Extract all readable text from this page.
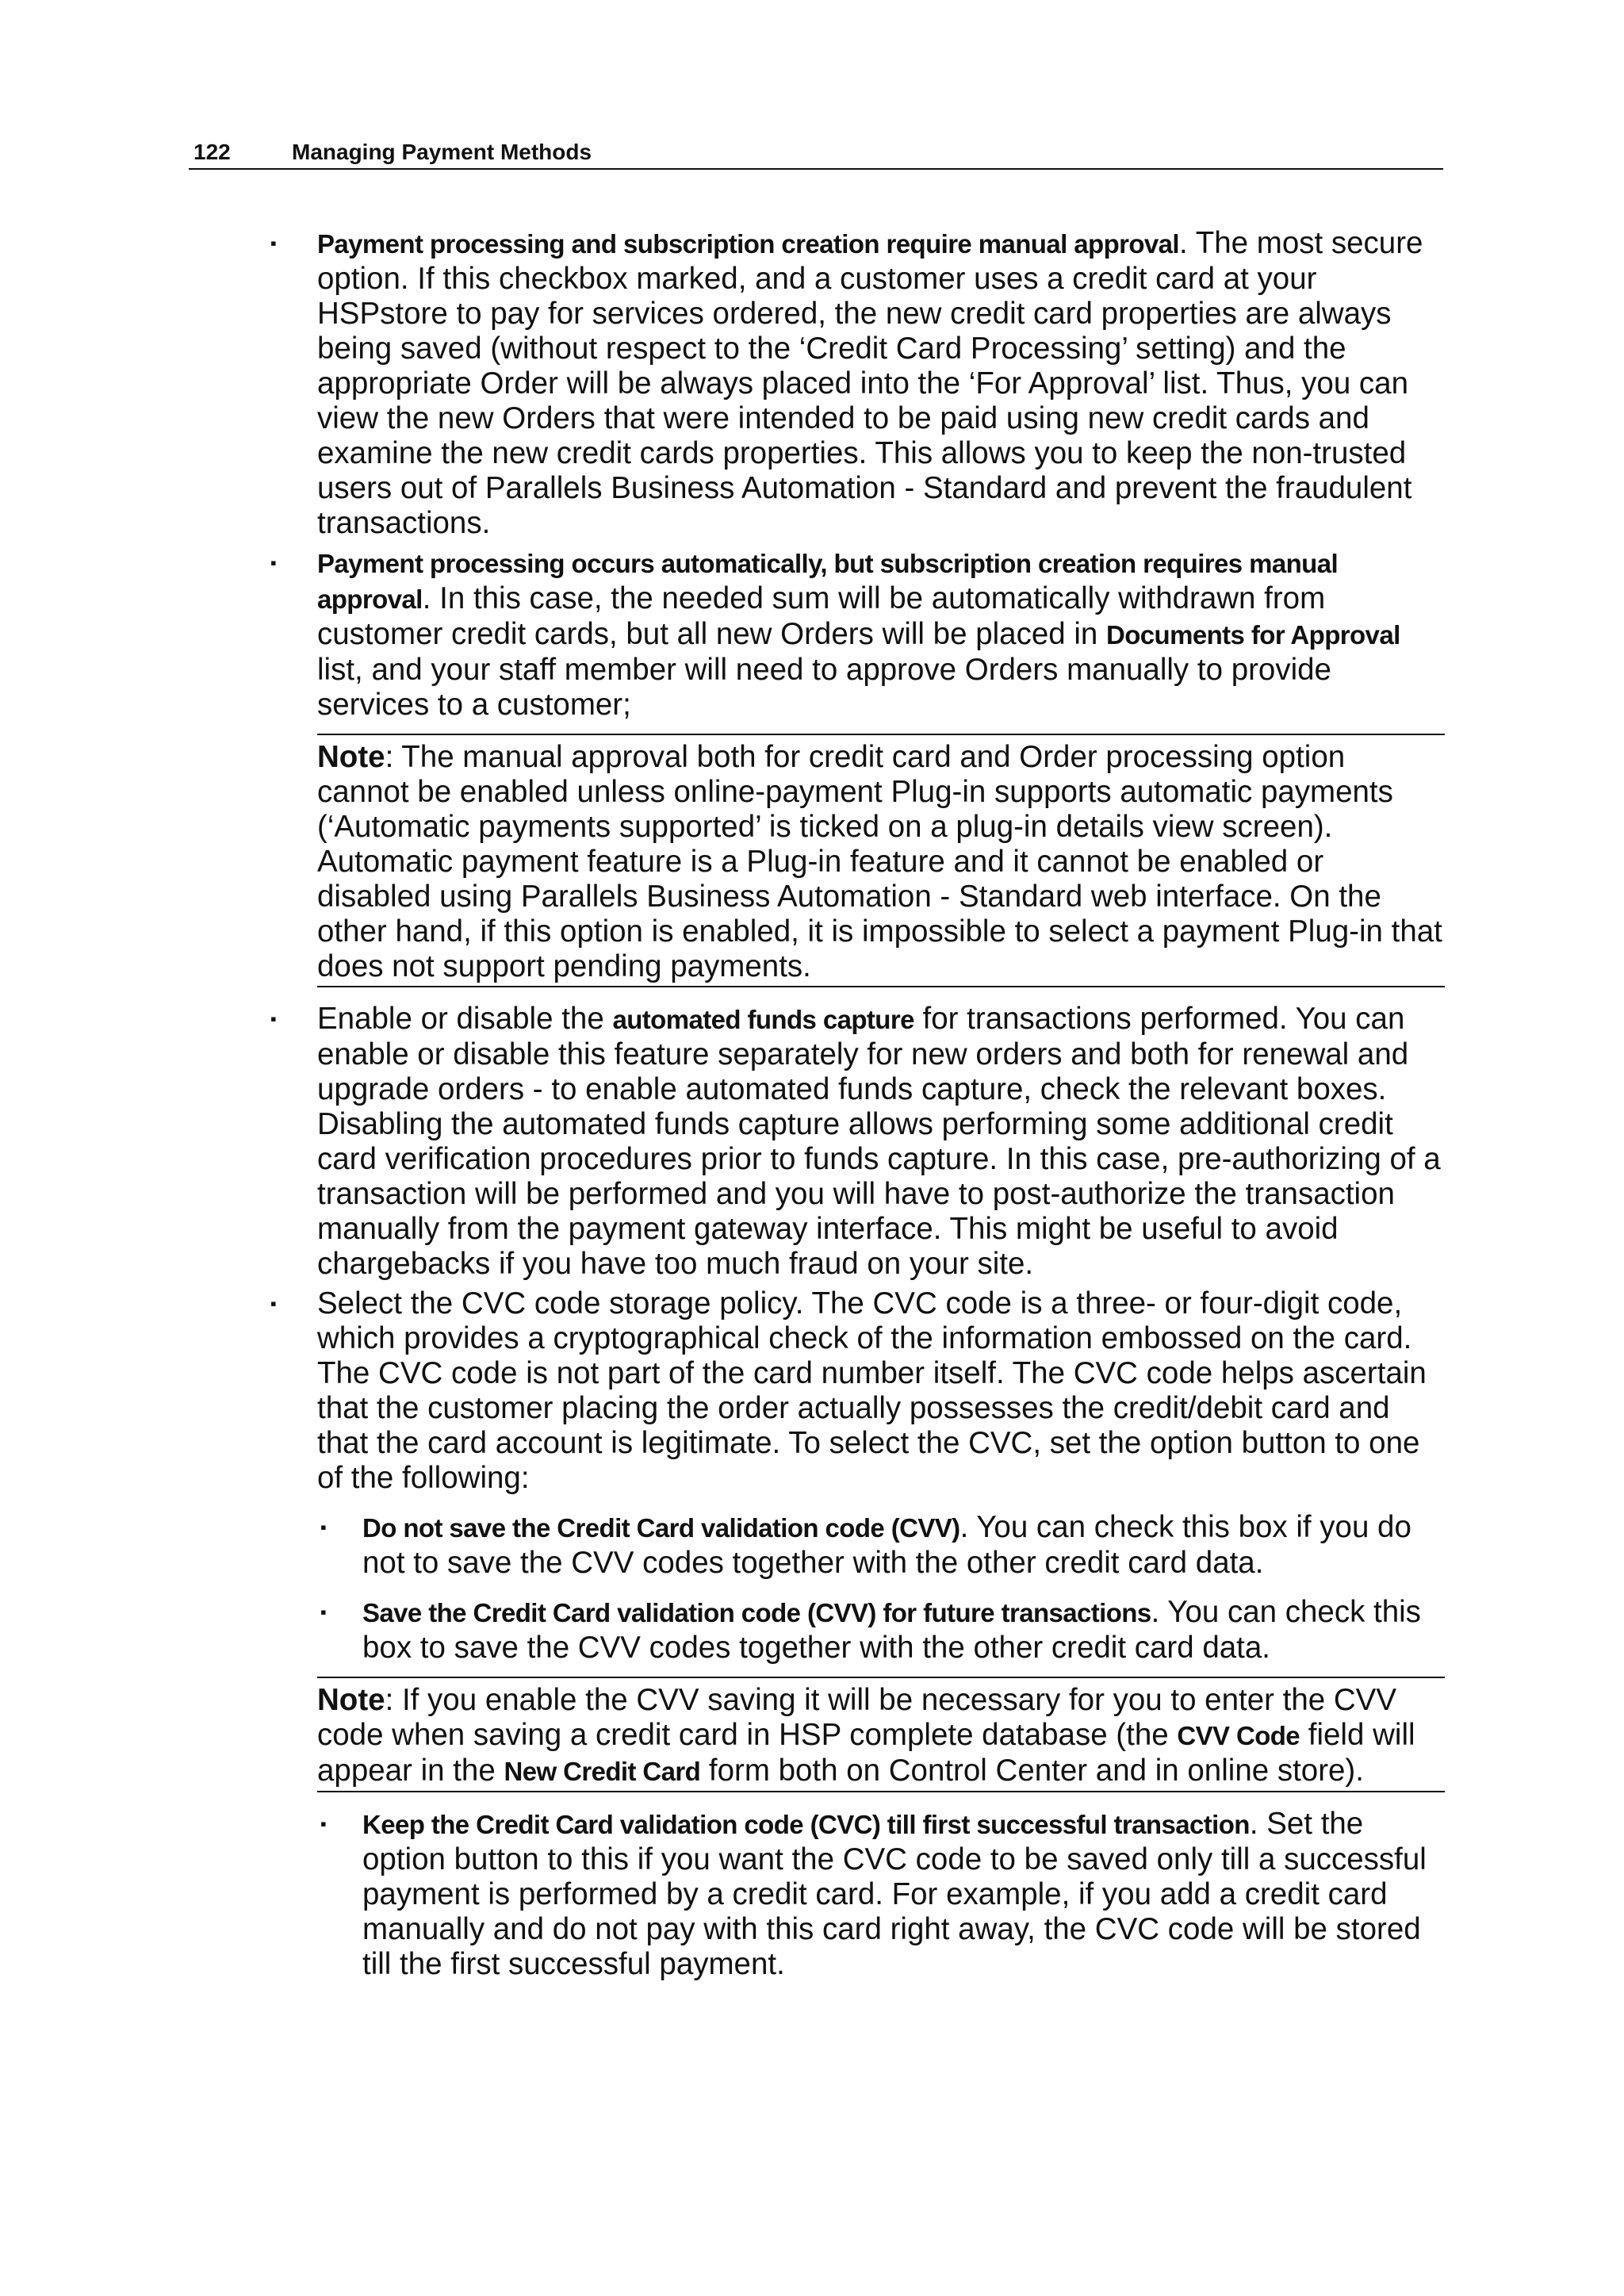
122	Managing Payment Methods
▪ Payment processing and subscription creation require manual approval. The most secure option. If this checkbox marked, and a customer uses a credit card at your HSPstore to pay for services ordered, the new credit card properties are always being saved (without respect to the ‘Credit Card Processing’ setting) and the appropriate Order will be always placed into the ‘For Approval’ list. Thus, you can view the new Orders that were intended to be paid using new credit cards and examine the new credit cards properties. This allows you to keep the non-trusted users out of Parallels Business Automation - Standard and prevent the fraudulent transactions.
▪ Payment processing occurs automatically, but subscription creation requires manual approval. In this case, the needed sum will be automatically withdrawn from customer credit cards, but all new Orders will be placed in Documents for Approval list, and your staff member will need to approve Orders manually to provide services to a customer;
Note: The manual approval both for credit card and Order processing option cannot be enabled unless online-payment Plug-in supports automatic payments (‘Automatic payments supported’ is ticked on a plug-in details view screen). Automatic payment feature is a Plug-in feature and it cannot be enabled or disabled using Parallels Business Automation - Standard web interface. On the other hand, if this option is enabled, it is impossible to select a payment Plug-in that does not support pending payments.
▪ Enable or disable the automated funds capture for transactions performed. You can enable or disable this feature separately for new orders and both for renewal and upgrade orders - to enable automated funds capture, check the relevant boxes. Disabling the automated funds capture allows performing some additional credit card verification procedures prior to funds capture. In this case, pre-authorizing of a transaction will be performed and you will have to post-authorize the transaction manually from the payment gateway interface. This might be useful to avoid chargebacks if you have too much fraud on your site.
▪ Select the CVC code storage policy. The CVC code is a three- or four-digit code, which provides a cryptographical check of the information embossed on the card. The CVC code is not part of the card number itself. The CVC code helps ascertain that the customer placing the order actually possesses the credit/debit card and that the card account is legitimate. To select the CVC, set the option button to one of the following:
▪ Do not save the Credit Card validation code (CVV). You can check this box if you do not to save the CVV codes together with the other credit card data.
▪ Save the Credit Card validation code (CVV) for future transactions. You can check this box to save the CVV codes together with the other credit card data.
Note: If you enable the CVV saving it will be necessary for you to enter the CVV code when saving a credit card in HSP complete database (the CVV Code field will appear in the New Credit Card form both on Control Center and in online store).
▪ Keep the Credit Card validation code (CVC) till first successful transaction. Set the option button to this if you want the CVC code to be saved only till a successful payment is performed by a credit card. For example, if you add a credit card manually and do not pay with this card right away, the CVC code will be stored till the first successful payment.
